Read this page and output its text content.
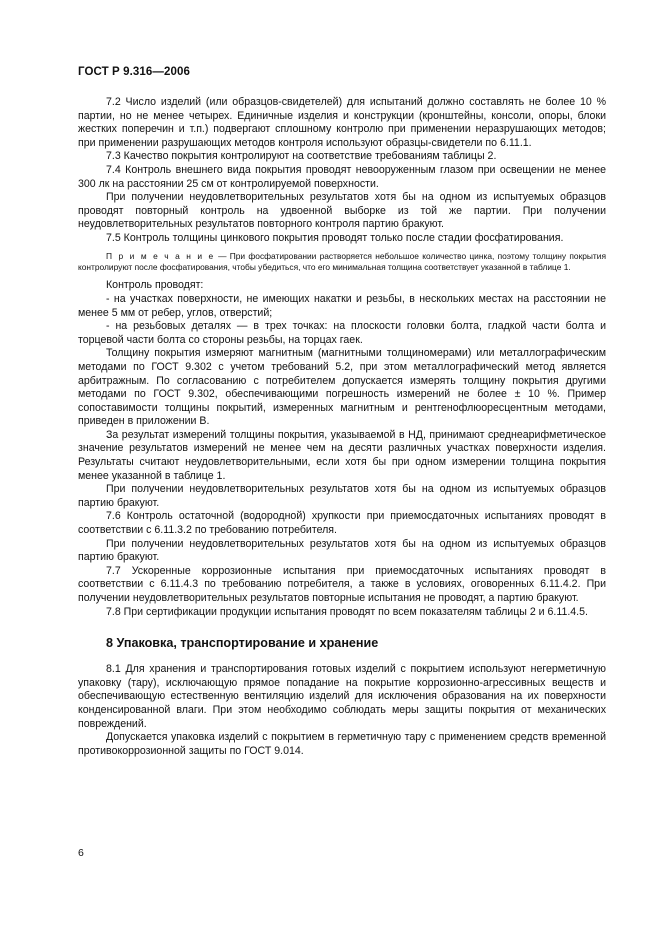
ГОСТ Р 9.316—2006

7.2 Число изделий (или образцов-свидетелей) для испытаний должно составлять не более 10 % партии, но не менее четырех. Единичные изделия и конструкции (кронштейны, консоли, опоры, блоки жестких поперечин и т.п.) подвергают сплошному контролю при применении неразрушающих методов; при применении разрушающих методов контроля используют образцы-свидетели по 6.11.1.

7.3 Качество покрытия контролируют на соответствие требованиям таблицы 2.

7.4 Контроль внешнего вида покрытия проводят невооруженным глазом при освещении не менее 300 лк на расстоянии 25 см от контролируемой поверхности.

При получении неудовлетворительных результатов хотя бы на одном из испытуемых образцов проводят повторный контроль на удвоенной выборке из той же партии. При получении неудовлетворительных результатов повторного контроля партию бракуют.

7.5 Контроль толщины цинкового покрытия проводят только после стадии фосфатирования.

П р и м е ч а н и е — При фосфатировании растворяется небольшое количество цинка, поэтому толщину покрытия контролируют после фосфатирования, чтобы убедиться, что его минимальная толщина соответствует указанной в таблице 1.

Контроль проводят:

- на участках поверхности, не имеющих накатки и резьбы, в нескольких местах на расстоянии не менее 5 мм от ребер, углов, отверстий;

- на резьбовых деталях — в трех точках: на плоскости головки болта, гладкой части болта и торцевой части болта со стороны резьбы, на торцах гаек.

Толщину покрытия измеряют магнитным (магнитными толщиномерами) или металлографическим методами по ГОСТ 9.302 с учетом требований 5.2, при этом металлографический метод является арбитражным. По согласованию с потребителем допускается измерять толщину покрытия другими методами по ГОСТ 9.302, обеспечивающими погрешность измерений не более ± 10 %. Пример сопоставимости толщины покрытий, измеренных магнитным и рентгенофлюоресцентным методами, приведен в приложении В.

За результат измерений толщины покрытия, указываемой в НД, принимают среднеарифметическое значение результатов измерений не менее чем на десяти различных участках поверхности изделия. Результаты считают неудовлетворительными, если хотя бы при одном измерении толщина покрытия менее указанной в таблице 1.

При получении неудовлетворительных результатов хотя бы на одном из испытуемых образцов партию бракуют.

7.6 Контроль остаточной (водородной) хрупкости при приемосдаточных испытаниях проводят в соответствии с 6.11.3.2 по требованию потребителя.

При получении неудовлетворительных результатов хотя бы на одном из испытуемых образцов партию бракуют.

7.7 Ускоренные коррозионные испытания при приемосдаточных испытаниях проводят в соответствии с 6.11.4.3 по требованию потребителя, а также в условиях, оговоренных 6.11.4.2. При получении неудовлетворительных результатов повторные испытания не проводят, а партию бракуют.

7.8 При сертификации продукции испытания проводят по всем показателям таблицы 2 и 6.11.4.5.

8 Упаковка, транспортирование и хранение

8.1 Для хранения и транспортирования готовых изделий с покрытием используют негерметичную упаковку (тару), исключающую прямое попадание на покрытие коррозионно-агрессивных веществ и обеспечивающую естественную вентиляцию изделий для исключения образования на их поверхности конденсированной влаги. При этом необходимо соблюдать меры защиты покрытия от механических повреждений.

Допускается упаковка изделий с покрытием в герметичную тару с применением средств временной противокоррозионной защиты по ГОСТ 9.014.

6
